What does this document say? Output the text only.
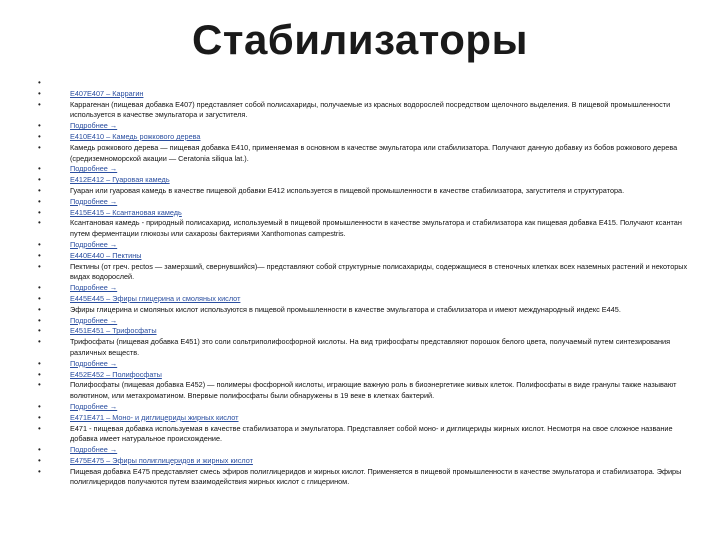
Стабилизаторы
•
• E407E407 – Каррагин
• Каррагенан (пищевая добавка Е407) представляет собой полисахариды, получаемые из красных водорослей посредством щелочного выделения. В пищевой промышленности используется в качестве эмульгатора и загустителя.
• Подробнее →
• E410E410 – Камедь рожкового дерева
• Камедь рожкового дерева — пищевая добавка Е410, применяемая в основном в качестве эмульгатора или стабилизатора. Получают данную добавку из бобов рожкового дерева (средиземноморской акации — Ceratonia siliqua lat.).
• Подробнее →
• E412E412 – Гуаровая камедь
• Гуаран или гуаровая камедь в качестве пищевой добавки Е412 используется в пищевой промышленности в качестве стабилизатора, загустителя и структуратора.
• Подробнее →
• E415E415 – Ксантановая камедь
• Ксантановая камедь - природный полисахарид, используемый в пищевой промышленности в качестве эмульгатора и стабилизатора как пищевая добавка Е415. Получают ксантан путем ферментации глюкозы или сахарозы бактериями Xanthomonas campestris.
• Подробнее →
• E440E440 – Пектины
• Пектины (от греч. pectos — замерзший, свернувшийся)— представляют собой структурные полисахариды, содержащиеся в стеночных клетках всех наземных растений и некоторых видах водорослей.
• Подробнее →
• E445E445 – Эфиры глицерина и смоляных кислот
• Эфиры глицерина и смоляных кислот используются в пищевой промышленности в качестве эмульгатора и стабилизатора и имеют международный индекс E445.
• Подробнее →
• E451E451 – Трифосфаты
• Трифосфаты (пищевая добавка E451) это соли сольтриполифосфорной кислоты. На вид трифосфаты представляют порошок белого цвета, получаемый путем синтезирования различных веществ.
• Подробнее →
• E452E452 – Полифосфаты
• Полифосфаты (пищевая добавка E452) — полимеры фосфорной кислоты, играющие важную роль в биоэнергетике живых клеток. Полифосфаты в виде гранулы также называют волютином, или метахроматином. Впервые полифосфаты были обнаружены в 19 веке в клетках бактерий.
• Подробнее →
• E471E471 – Моно- и диглицериды жирных кислот
• E471 - пищевая добавка используемая в качестве стабилизатора и эмульгатора. Представляет собой моно- и диглицериды жирных кислот. Несмотря на свое сложное название добавка имеет натуральное происхождение.
• Подробнее →
• E475E475 – Эфиры полиглицеридов и жирных кислот
• Пищевая добавка E475 представляет смесь эфиров полиглицеридов и жирных кислот. Применяется в пищевой промышленности в качестве эмульгатора и стабилизатора. Эфиры полиглицеридов получаются путем взаимодействия жирных кислот с глицерином.
